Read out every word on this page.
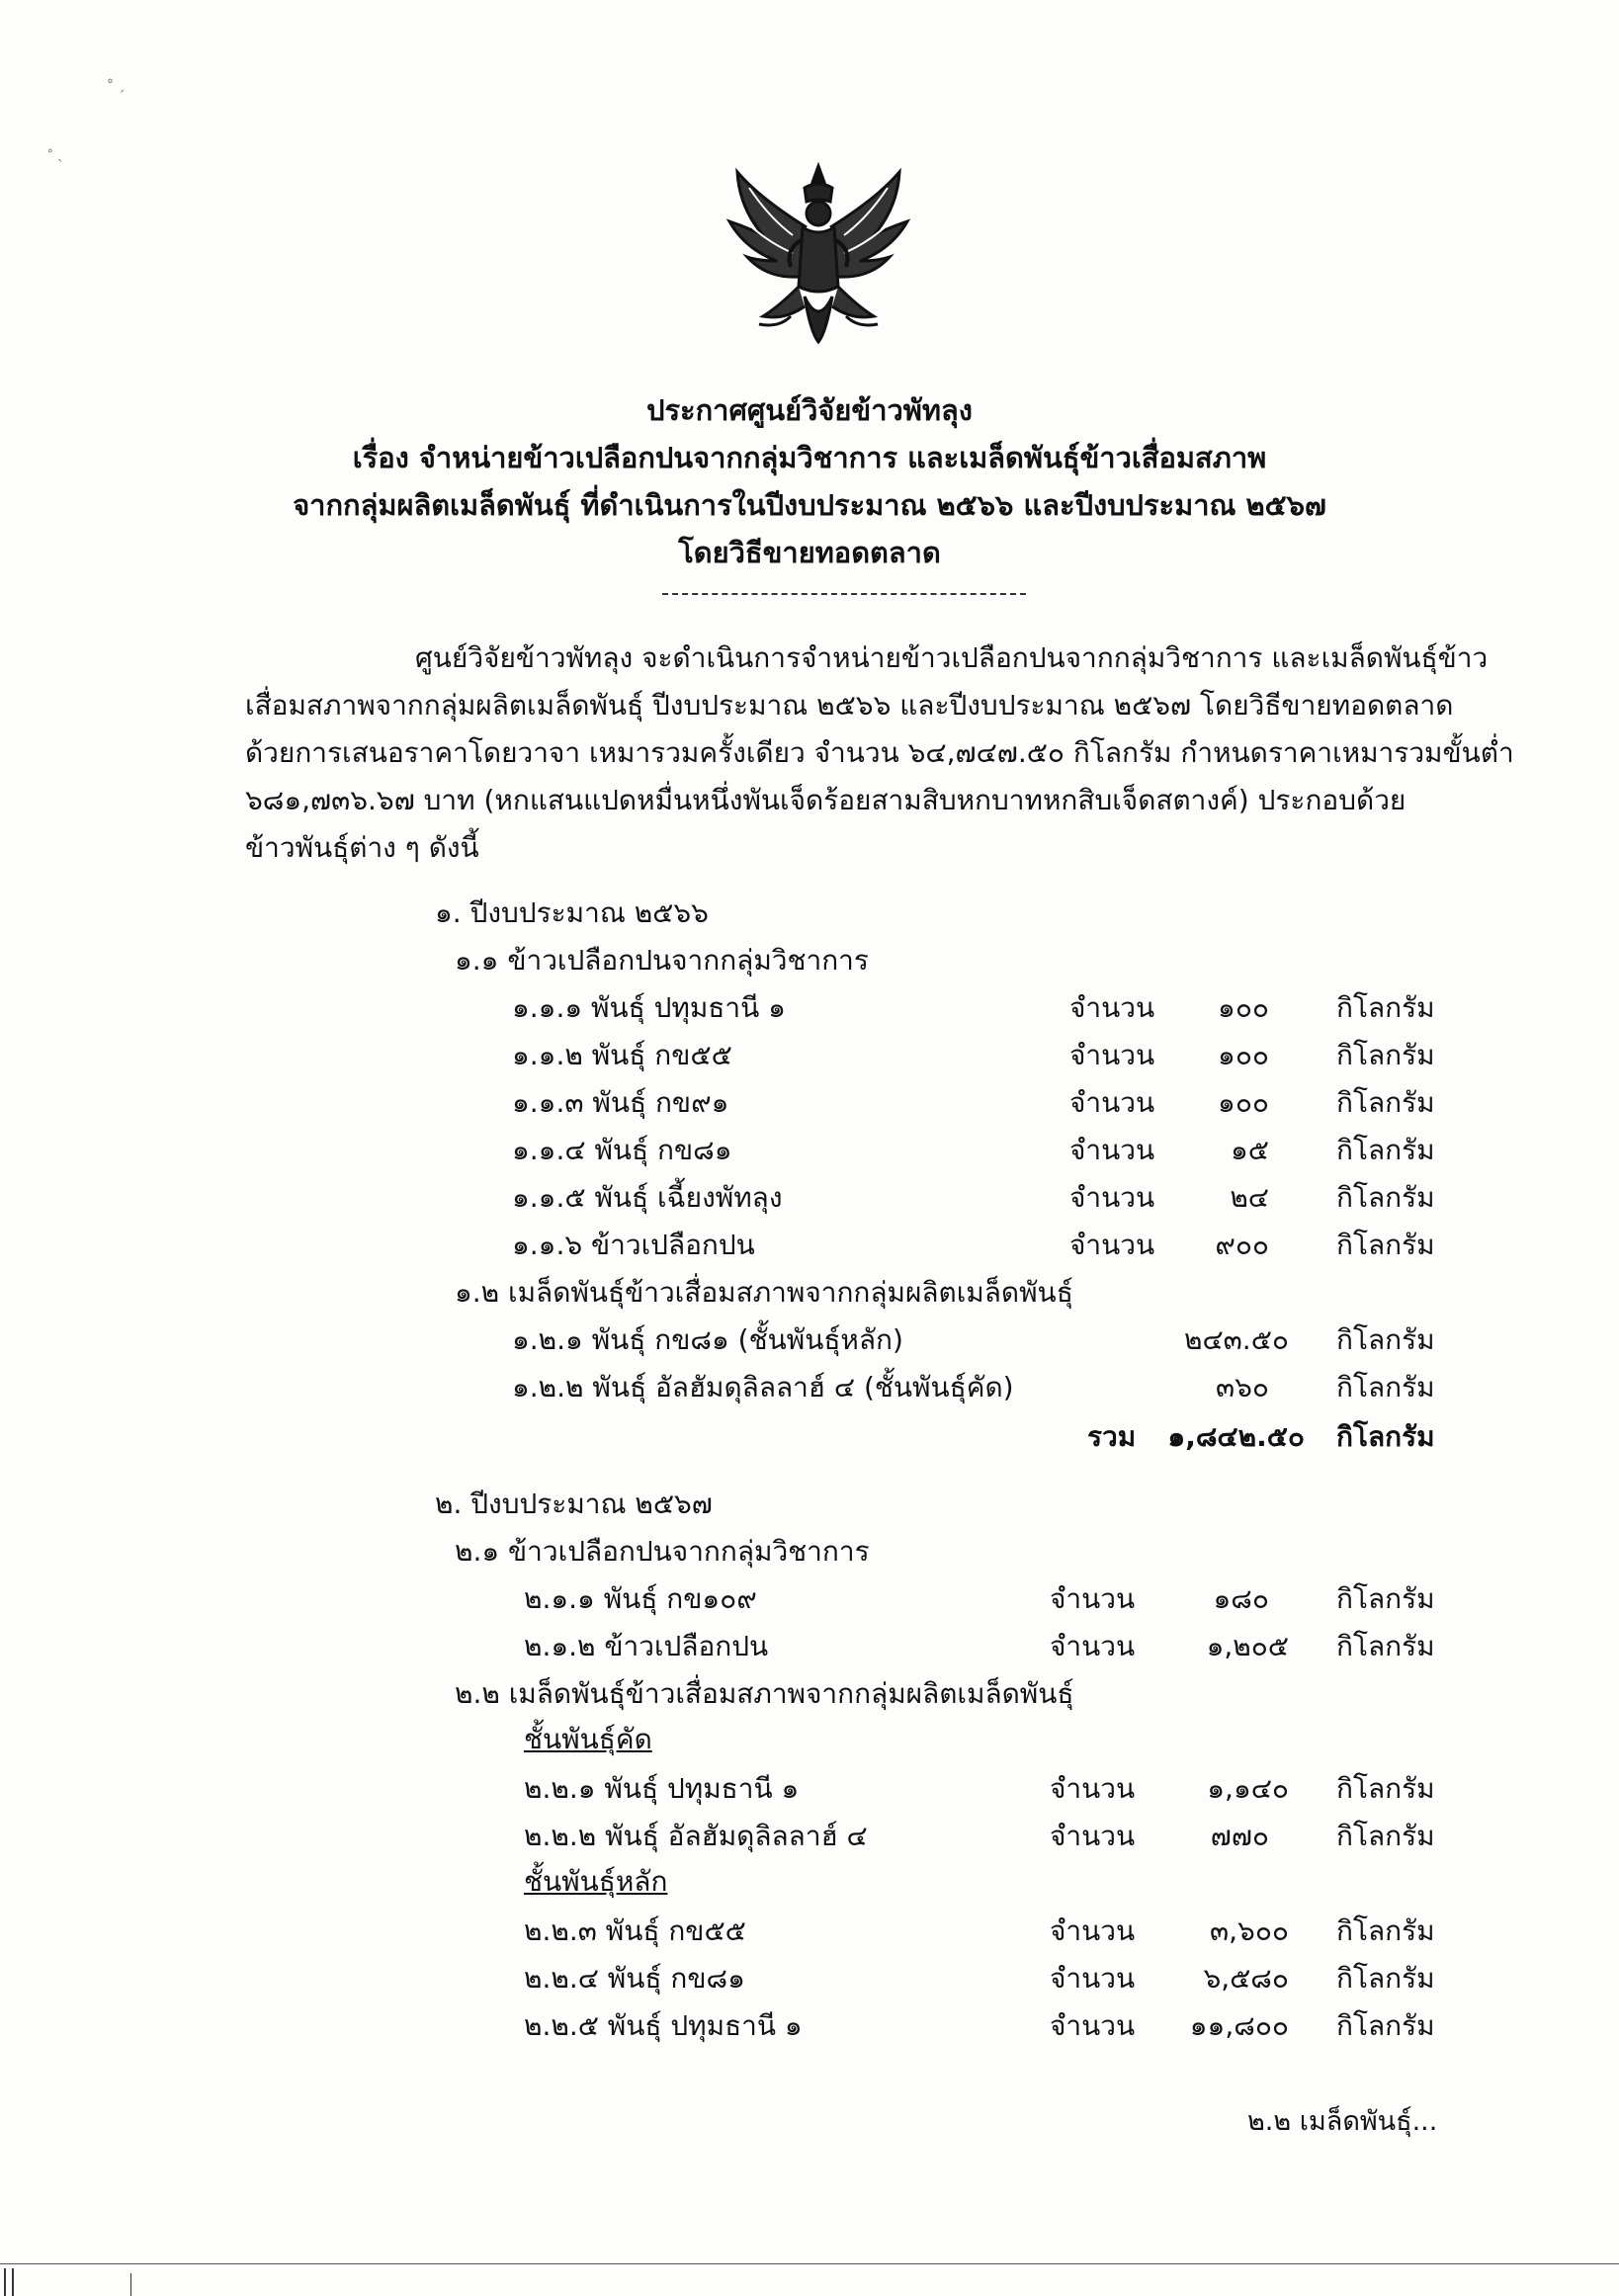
° ˏ
ᐤ ˎ
ประกาศศูนย์วิจัยข้าวพัทลุง
เรื่อง จำหน่ายข้าวเปลือกปนจากกลุ่มวิชาการ และเมล็ดพันธุ์ข้าวเสื่อมสภาพ
จากกลุ่มผลิตเมล็ดพันธุ์ ที่ดำเนินการในปีงบประมาณ ๒๕๖๖ และปีงบประมาณ ๒๕๖๗
โดยวิธีขายทอดตลาด
ศูนย์วิจัยข้าวพัทลุง จะดำเนินการจำหน่ายข้าวเปลือกปนจากกลุ่มวิชาการ และเมล็ดพันธุ์ข้าว
เสื่อมสภาพจากกลุ่มผลิตเมล็ดพันธุ์ ปีงบประมาณ ๒๕๖๖ และปีงบประมาณ ๒๕๖๗ โดยวิธีขายทอดตลาด
ด้วยการเสนอราคาโดยวาจา เหมารวมครั้งเดียว จำนวน ๖๔,๗๔๗.๕๐ กิโลกรัม กำหนดราคาเหมารวมขั้นต่ำ
๖๘๑,๗๓๖.๖๗ บาท (หกแสนแปดหมื่นหนึ่งพันเจ็ดร้อยสามสิบหกบาทหกสิบเจ็ดสตางค์) ประกอบด้วย
ข้าวพันธุ์ต่าง ๆ ดังนี้
๑. ปีงบประมาณ ๒๕๖๖
๑.๑ ข้าวเปลือกปนจากกลุ่มวิชาการ
๑.๑.๑ พันธุ์ ปทุมธานี ๑	จำนวน	๑๐๐ กิโลกรัม
๑.๑.๒ พันธุ์ กข๕๕	จำนวน	๑๐๐ กิโลกรัม
๑.๑.๓ พันธุ์ กข๙๑	จำนวน	๑๐๐ กิโลกรัม
๑.๑.๔ พันธุ์ กข๘๑	จำนวน	๑๕ กิโลกรัม
๑.๑.๕ พันธุ์ เฉี้ยงพัทลุง	จำนวน	๒๔ กิโลกรัม
๑.๑.๖ ข้าวเปลือกปน	จำนวน	๙๐๐ กิโลกรัม
๑.๒ เมล็ดพันธุ์ข้าวเสื่อมสภาพจากกลุ่มผลิตเมล็ดพันธุ์
๑.๒.๑ พันธุ์ กข๘๑ (ชั้นพันธุ์หลัก)	๒๔๓.๕๐ กิโลกรัม
๑.๒.๒ พันธุ์ อัลฮัมดุลิลลาฮ์ ๔ (ชั้นพันธุ์คัด)	๓๖๐ กิโลกรัม
รวม	๑,๘๔๒.๕๐ กิโลกรัม
๒. ปีงบประมาณ ๒๕๖๗
๒.๑ ข้าวเปลือกปนจากกลุ่มวิชาการ
๒.๑.๑ พันธุ์ กข๑๐๙	จำนวน	๑๘๐ กิโลกรัม
๒.๑.๒ ข้าวเปลือกปน	จำนวน	๑,๒๐๕ กิโลกรัม
๒.๒ เมล็ดพันธุ์ข้าวเสื่อมสภาพจากกลุ่มผลิตเมล็ดพันธุ์
ชั้นพันธุ์คัด
๒.๒.๑ พันธุ์ ปทุมธานี ๑	จำนวน	๑,๑๔๐ กิโลกรัม
๒.๒.๒ พันธุ์ อัลฮัมดุลิลลาฮ์ ๔	จำนวน	๗๗๐ กิโลกรัม
ชั้นพันธุ์หลัก
๒.๒.๓ พันธุ์ กข๕๕	จำนวน	๓,๖๐๐ กิโลกรัม
๒.๒.๔ พันธุ์ กข๘๑	จำนวน	๖,๕๘๐ กิโลกรัม
๒.๒.๕ พันธุ์ ปทุมธานี ๑	จำนวน	๑๑,๘๐๐ กิโลกรัม
๒.๒ เมล็ดพันธุ์...
